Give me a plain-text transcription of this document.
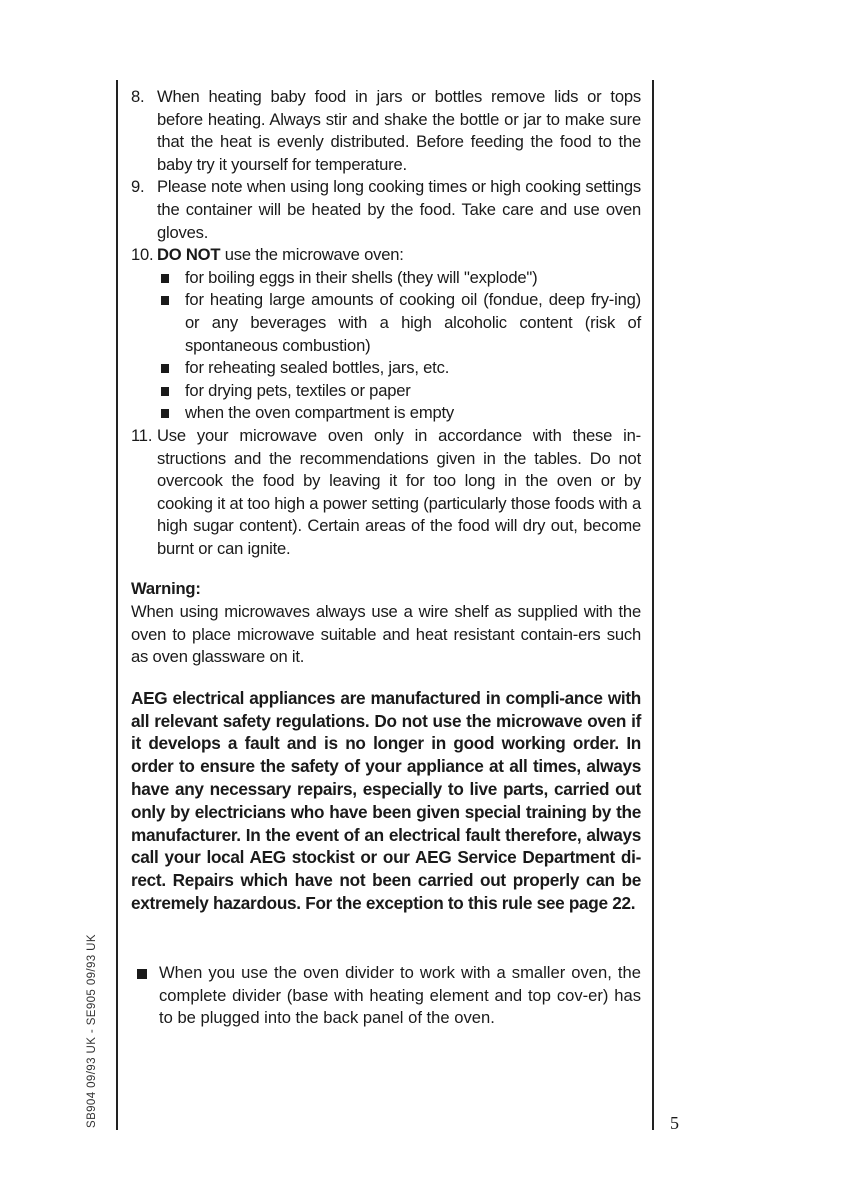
8. When heating baby food in jars or bottles remove lids or tops before heating. Always stir and shake the bottle or jar to make sure that the heat is evenly distributed. Before feeding the food to the baby try it yourself for temperature.
9. Please note when using long cooking times or high cooking settings the container will be heated by the food. Take care and use oven gloves.
10. DO NOT use the microwave oven:
for boiling eggs in their shells (they will "explode")
for heating large amounts of cooking oil (fondue, deep fry-ing) or any beverages with a high alcoholic content (risk of spontaneous combustion)
for reheating sealed bottles, jars, etc.
for drying pets, textiles or paper
when the oven compartment is empty
11. Use your microwave oven only in accordance with these in-structions and the recommendations given in the tables. Do not overcook the food by leaving it for too long in the oven or by cooking it at too high a power setting (particularly those foods with a high sugar content). Certain areas of the food will dry out, become burnt or can ignite.
Warning:
When using microwaves always use a wire shelf as supplied with the oven to place microwave suitable and heat resistant contain-ers such as oven glassware on it.
AEG electrical appliances are manufactured in compli-ance with all relevant safety regulations. Do not use the microwave oven if it develops a fault and is no longer in good working order. In order to ensure the safety of your appliance at all times, always have any necessary repairs, especially to live parts, carried out only by electricians who have been given special training by the manufacturer. In the event of an electrical fault therefore, always call your local AEG stockist or our AEG Service Department di-rect. Repairs which have not been carried out properly can be extremely hazardous. For the exception to this rule see page 22.
When you use the oven divider to work with a smaller oven, the complete divider (base with heating element and top cov-er) has to be plugged into the back panel of the oven.
5
SB904 09/93 UK - SE905 09/93 UK
